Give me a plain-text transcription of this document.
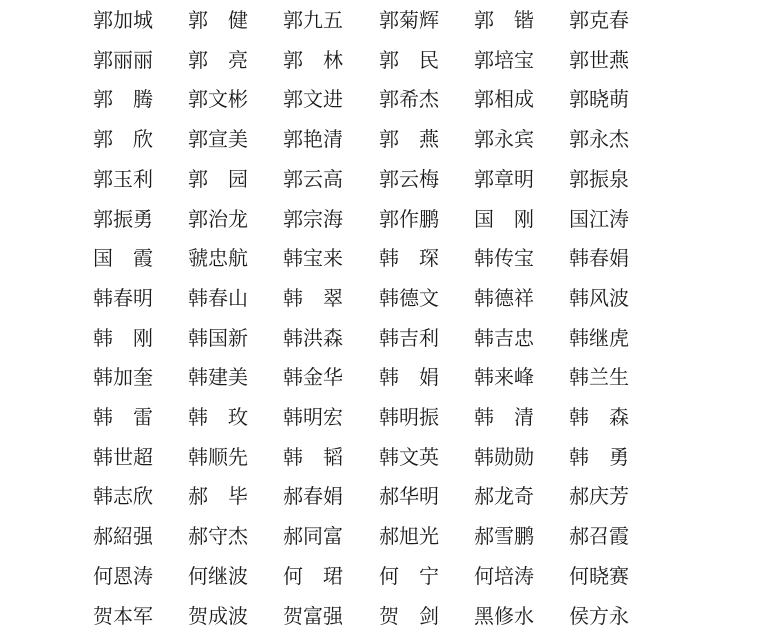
郭加城 郭　健 郭九五 郭菊辉 郭　锴 郭克春
郭丽丽 郭　亮 郭　林 郭　民 郭培宝 郭世燕
郭　腾 郭文彬 郭文进 郭希杰 郭相成 郭晓萌
郭　欣 郭宣美 郭艳清 郭　燕 郭永宾 郭永杰
郭玉利 郭　园 郭云高 郭云梅 郭章明 郭振泉
郭振勇 郭治龙 郭宗海 郭作鹏 国　刚 国江涛
国　霞 虢忠航 韩宝来 韩　琛 韩传宝 韩春娟
韩春明 韩春山 韩　翠 韩德文 韩德祥 韩风波
韩　刚 韩国新 韩洪森 韩吉利 韩吉忠 韩继虎
韩加奎 韩建美 韩金华 韩　娟 韩来峰 韩兰生
韩　雷 韩　玫 韩明宏 韩明振 韩　清 韩　森
韩世超 韩顺先 韩　韬 韩文英 韩勋勋 韩　勇
韩志欣 郝　毕 郝春娟 郝华明 郝龙奇 郝庆芳
郝紹强 郝守杰 郝同富 郝旭光 郝雪鹏 郝召霞
何恩涛 何继波 何　珺 何　宁 何培涛 何晓赛
贺本军 贺成波 贺富强 贺　剑 黑修水 侯方永
